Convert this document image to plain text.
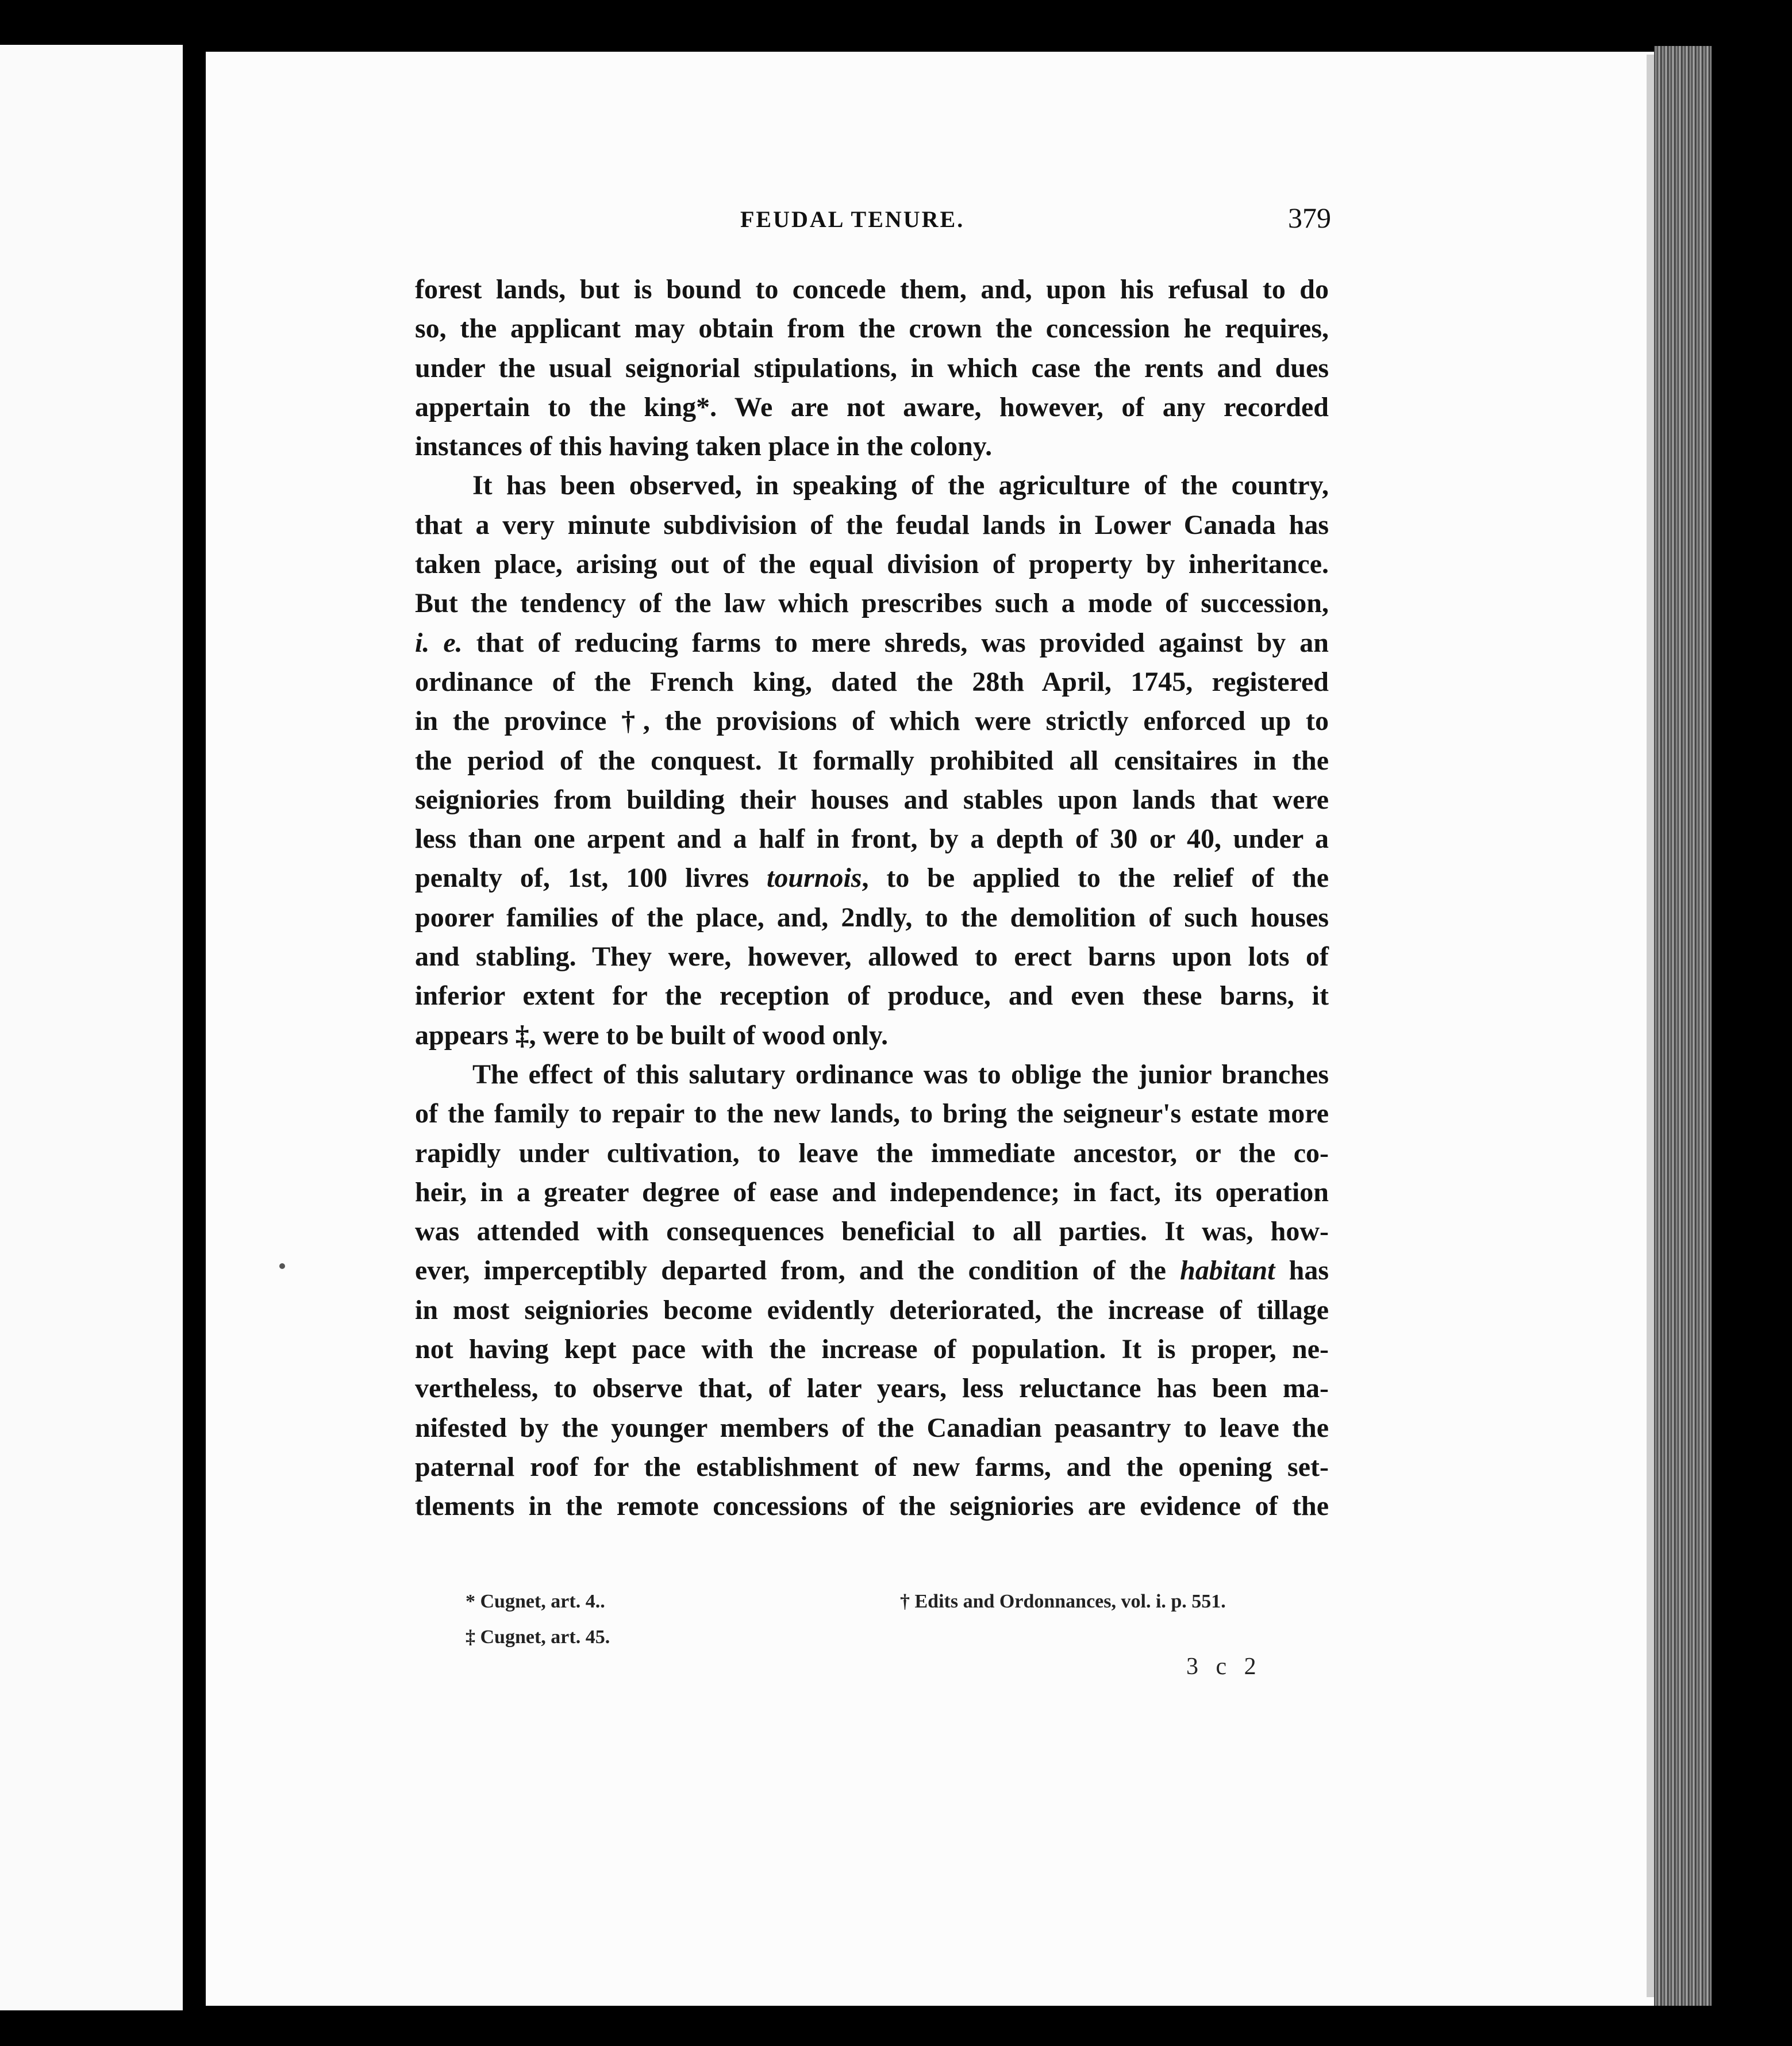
FEUDAL TENURE.	379
forest lands, but is bound to concede them, and, upon his refusal to do
so, the applicant may obtain from the crown the concession he requires,
under the usual seignorial stipulations, in which case the rents and dues
appertain to the king*. We are not aware, however, of any recorded
instances of this having taken place in the colony.
It has been observed, in speaking of the agriculture of the country,
that a very minute subdivision of the feudal lands in Lower Canada has
taken place, arising out of the equal division of property by inheritance.
But the tendency of the law which prescribes such a mode of succession,
i. e. that of reducing farms to mere shreds, was provided against by an
ordinance of the French king, dated the 28th April, 1745, registered
in the province †, the provisions of which were strictly enforced up to
the period of the conquest. It formally prohibited all censitaires in the
seigniories from building their houses and stables upon lands that were
less than one arpent and a half in front, by a depth of 30 or 40, under a
penalty of, 1st, 100 livres tournois, to be applied to the relief of the
poorer families of the place, and, 2ndly, to the demolition of such houses
and stabling. They were, however, allowed to erect barns upon lots of
inferior extent for the reception of produce, and even these barns, it
appears ‡, were to be built of wood only.
The effect of this salutary ordinance was to oblige the junior branches
of the family to repair to the new lands, to bring the seigneur's estate more
rapidly under cultivation, to leave the immediate ancestor, or the co-
heir, in a greater degree of ease and independence; in fact, its operation
was attended with consequences beneficial to all parties. It was, how-
ever, imperceptibly departed from, and the condition of the habitant has
in most seigniories become evidently deteriorated, the increase of tillage
not having kept pace with the increase of population. It is proper, ne-
vertheless, to observe that, of later years, less reluctance has been ma-
nifested by the younger members of the Canadian peasantry to leave the
paternal roof for the establishment of new farms, and the opening set-
tlements in the remote concessions of the seigniories are evidence of the
* Cugnet, art. 4..	† Edits and Ordonnances, vol. i. p. 551.
‡ Cugnet, art. 45.
3 c 2
